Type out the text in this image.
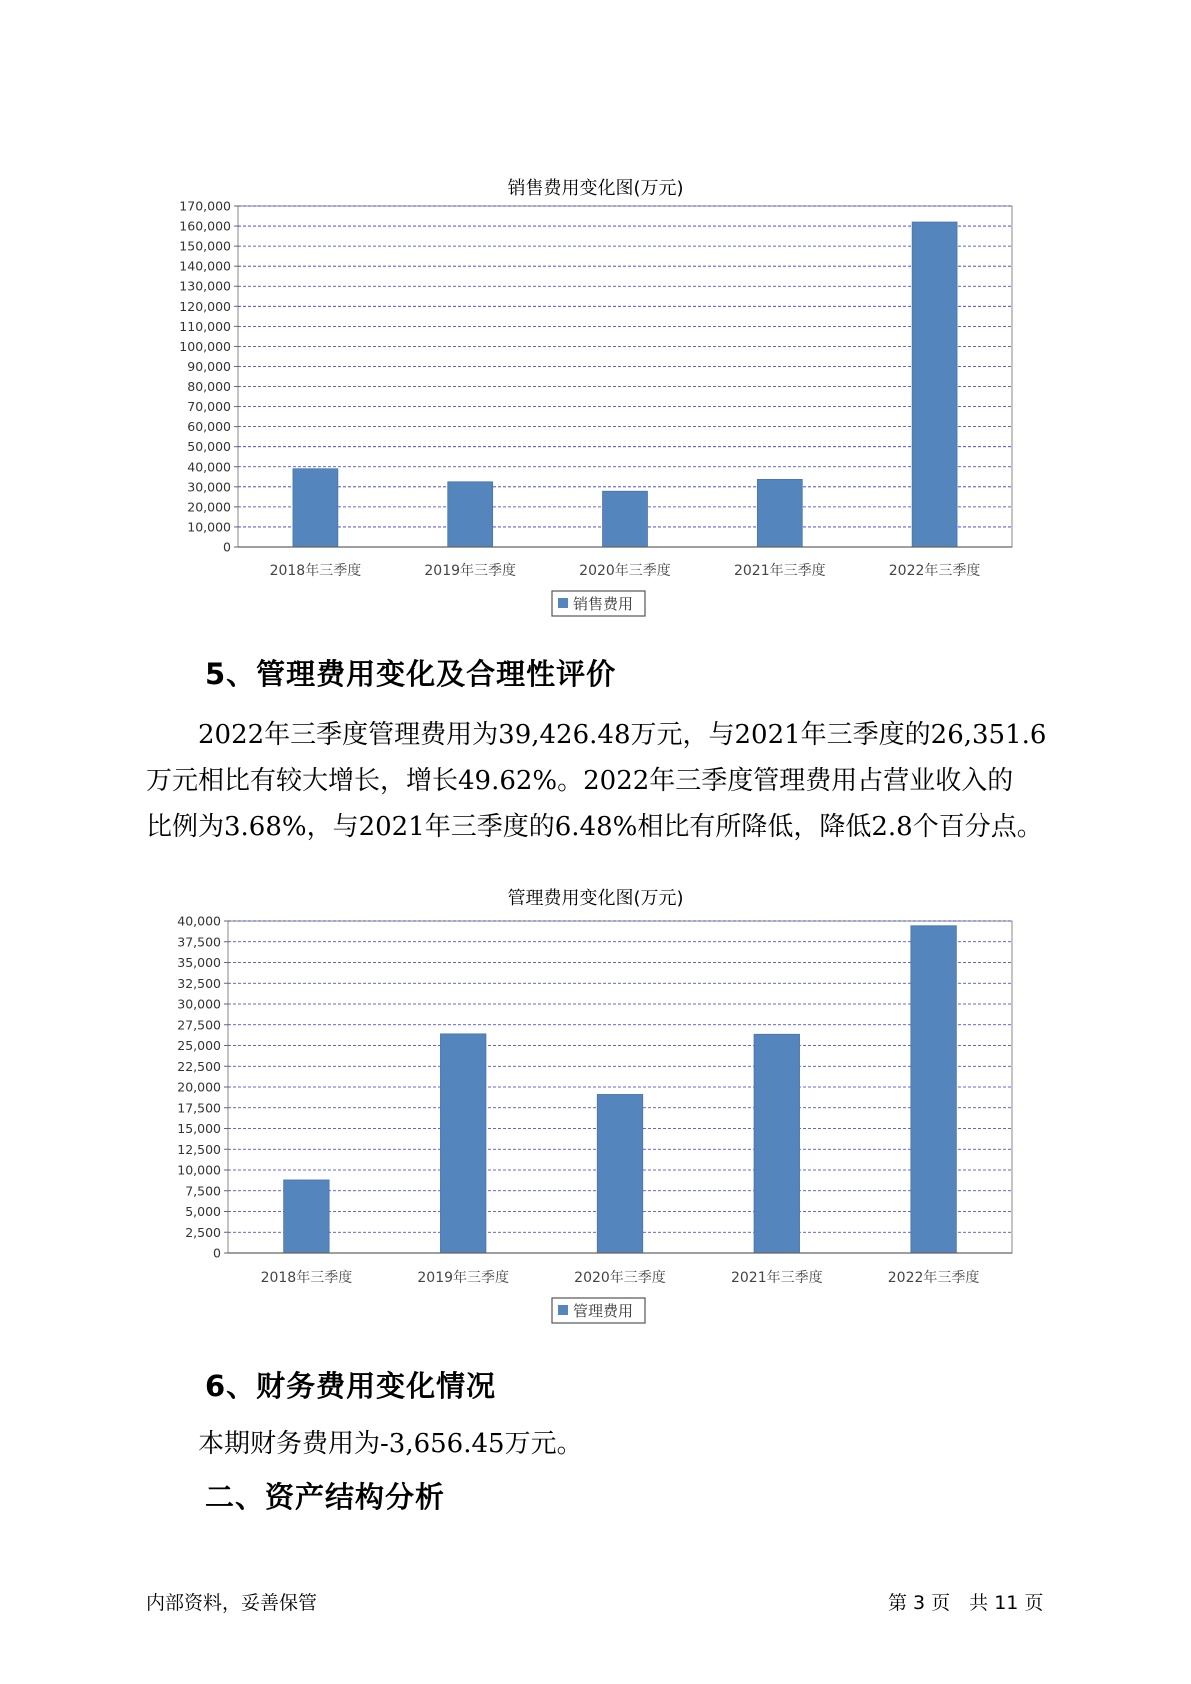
销售费用变化图(万元)
0
10,000
20,000
30,000
40,000
50,000
60,000
70,000
80,000
90,000
100,000
110,000
120,000
130,000
140,000
150,000
160,000
170,000
2018年三季度	2019年三季度	2020年三季度	2021年三季度	2022年三季度
销售费用
5、管理费用变化及合理性评价
　　2022年三季度管理费用为39,426.48万元，与2021年三季度的26,351.6
万元相比有较大增长，增长49.62%。2022年三季度管理费用占营业收入的
比例为3.68%，与2021年三季度的6.48%相比有所降低，降低2.8个百分点。
管理费用变化图(万元)
0
2,500
5,000
7,500
10,000
12,500
15,000
17,500
20,000
22,500
25,000
27,500
30,000
32,500
35,000
37,500
40,000
2018年三季度	2019年三季度	2020年三季度	2021年三季度	2022年三季度
管理费用
6、财务费用变化情况
　　本期财务费用为-3,656.45万元。
二、资产结构分析
内部资料，妥善保管	第 3 页　共 11 页
